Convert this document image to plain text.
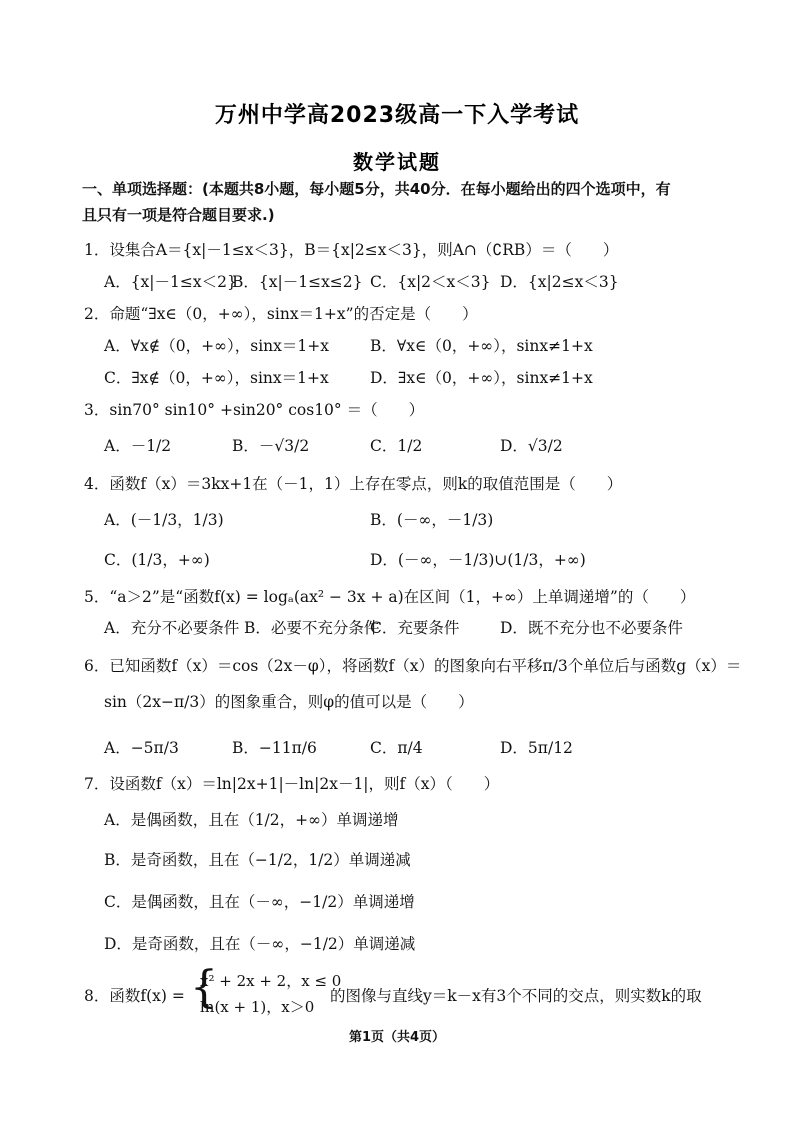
万州中学高2023级高一下入学考试
数学试题
一、单项选择题：(本题共8小题，每小题5分，共40分．在每小题给出的四个选项中，有
且只有一项是符合题目要求.)
1．设集合A＝{x|－1≤x＜3}，B＝{x|2≤x＜3}，则A∩（∁RB）＝（　　）
A．{x|－1≤x＜2}
B．{x|－1≤x≤2} C．{x|2＜x＜3} D．{x|2≤x＜3}
2．命题“∃x∈（0，+∞），sinx＝1+x”的否定是（　　）
A．∀x∉（0，+∞），sinx＝1+x	B．∀x∈（0，+∞），sinx≠1+x
C．∃x∉（0，+∞），sinx＝1+x	D．∃x∈（0，+∞），sinx≠1+x
3．sin70° sin10° +sin20° cos10° ＝（　　）
A．－1/2	B．－√3/2	C．1/2	D．√3/2
4．函数f（x）＝3kx+1在（－1，1）上存在零点，则k的取值范围是（　　）
A．(－1/3，1/3)	B．(－∞，－1/3)
C．(1/3，+∞)	D．(－∞，－1/3)∪(1/3，+∞)
5．“a＞2”是“函数f(x) = logₐ(ax² − 3x + a)在区间（1，+∞）上单调递增”的（　　）
A．充分不必要条件 B．必要不充分条件
C．充要条件	D．既不充分也不必要条件
6．已知函数f（x）＝cos（2x－φ），将函数f（x）的图象向右平移π/3个单位后与函数g（x）＝
sin（2x−π/3）的图象重合，则φ的值可以是（　　）
A．−5π/3	B．−11π/6	C．π/4	D．5π/12
7．设函数f（x）＝ln|2x+1|－ln|2x－1|，则f（x）（　　）
A．是偶函数，且在（1/2，+∞）单调递增
B．是奇函数，且在（−1/2，1/2）单调递减
C．是偶函数，且在（－∞，−1/2）单调递增
D．是奇函数，且在（－∞，−1/2）单调递减
8．函数f(x) = {
x² + 2x + 2，x ≤ 0
ln(x + 1)，x＞0
的图像与直线y＝k－x有3个不同的交点，则实数k的取
第1页（共4页）
